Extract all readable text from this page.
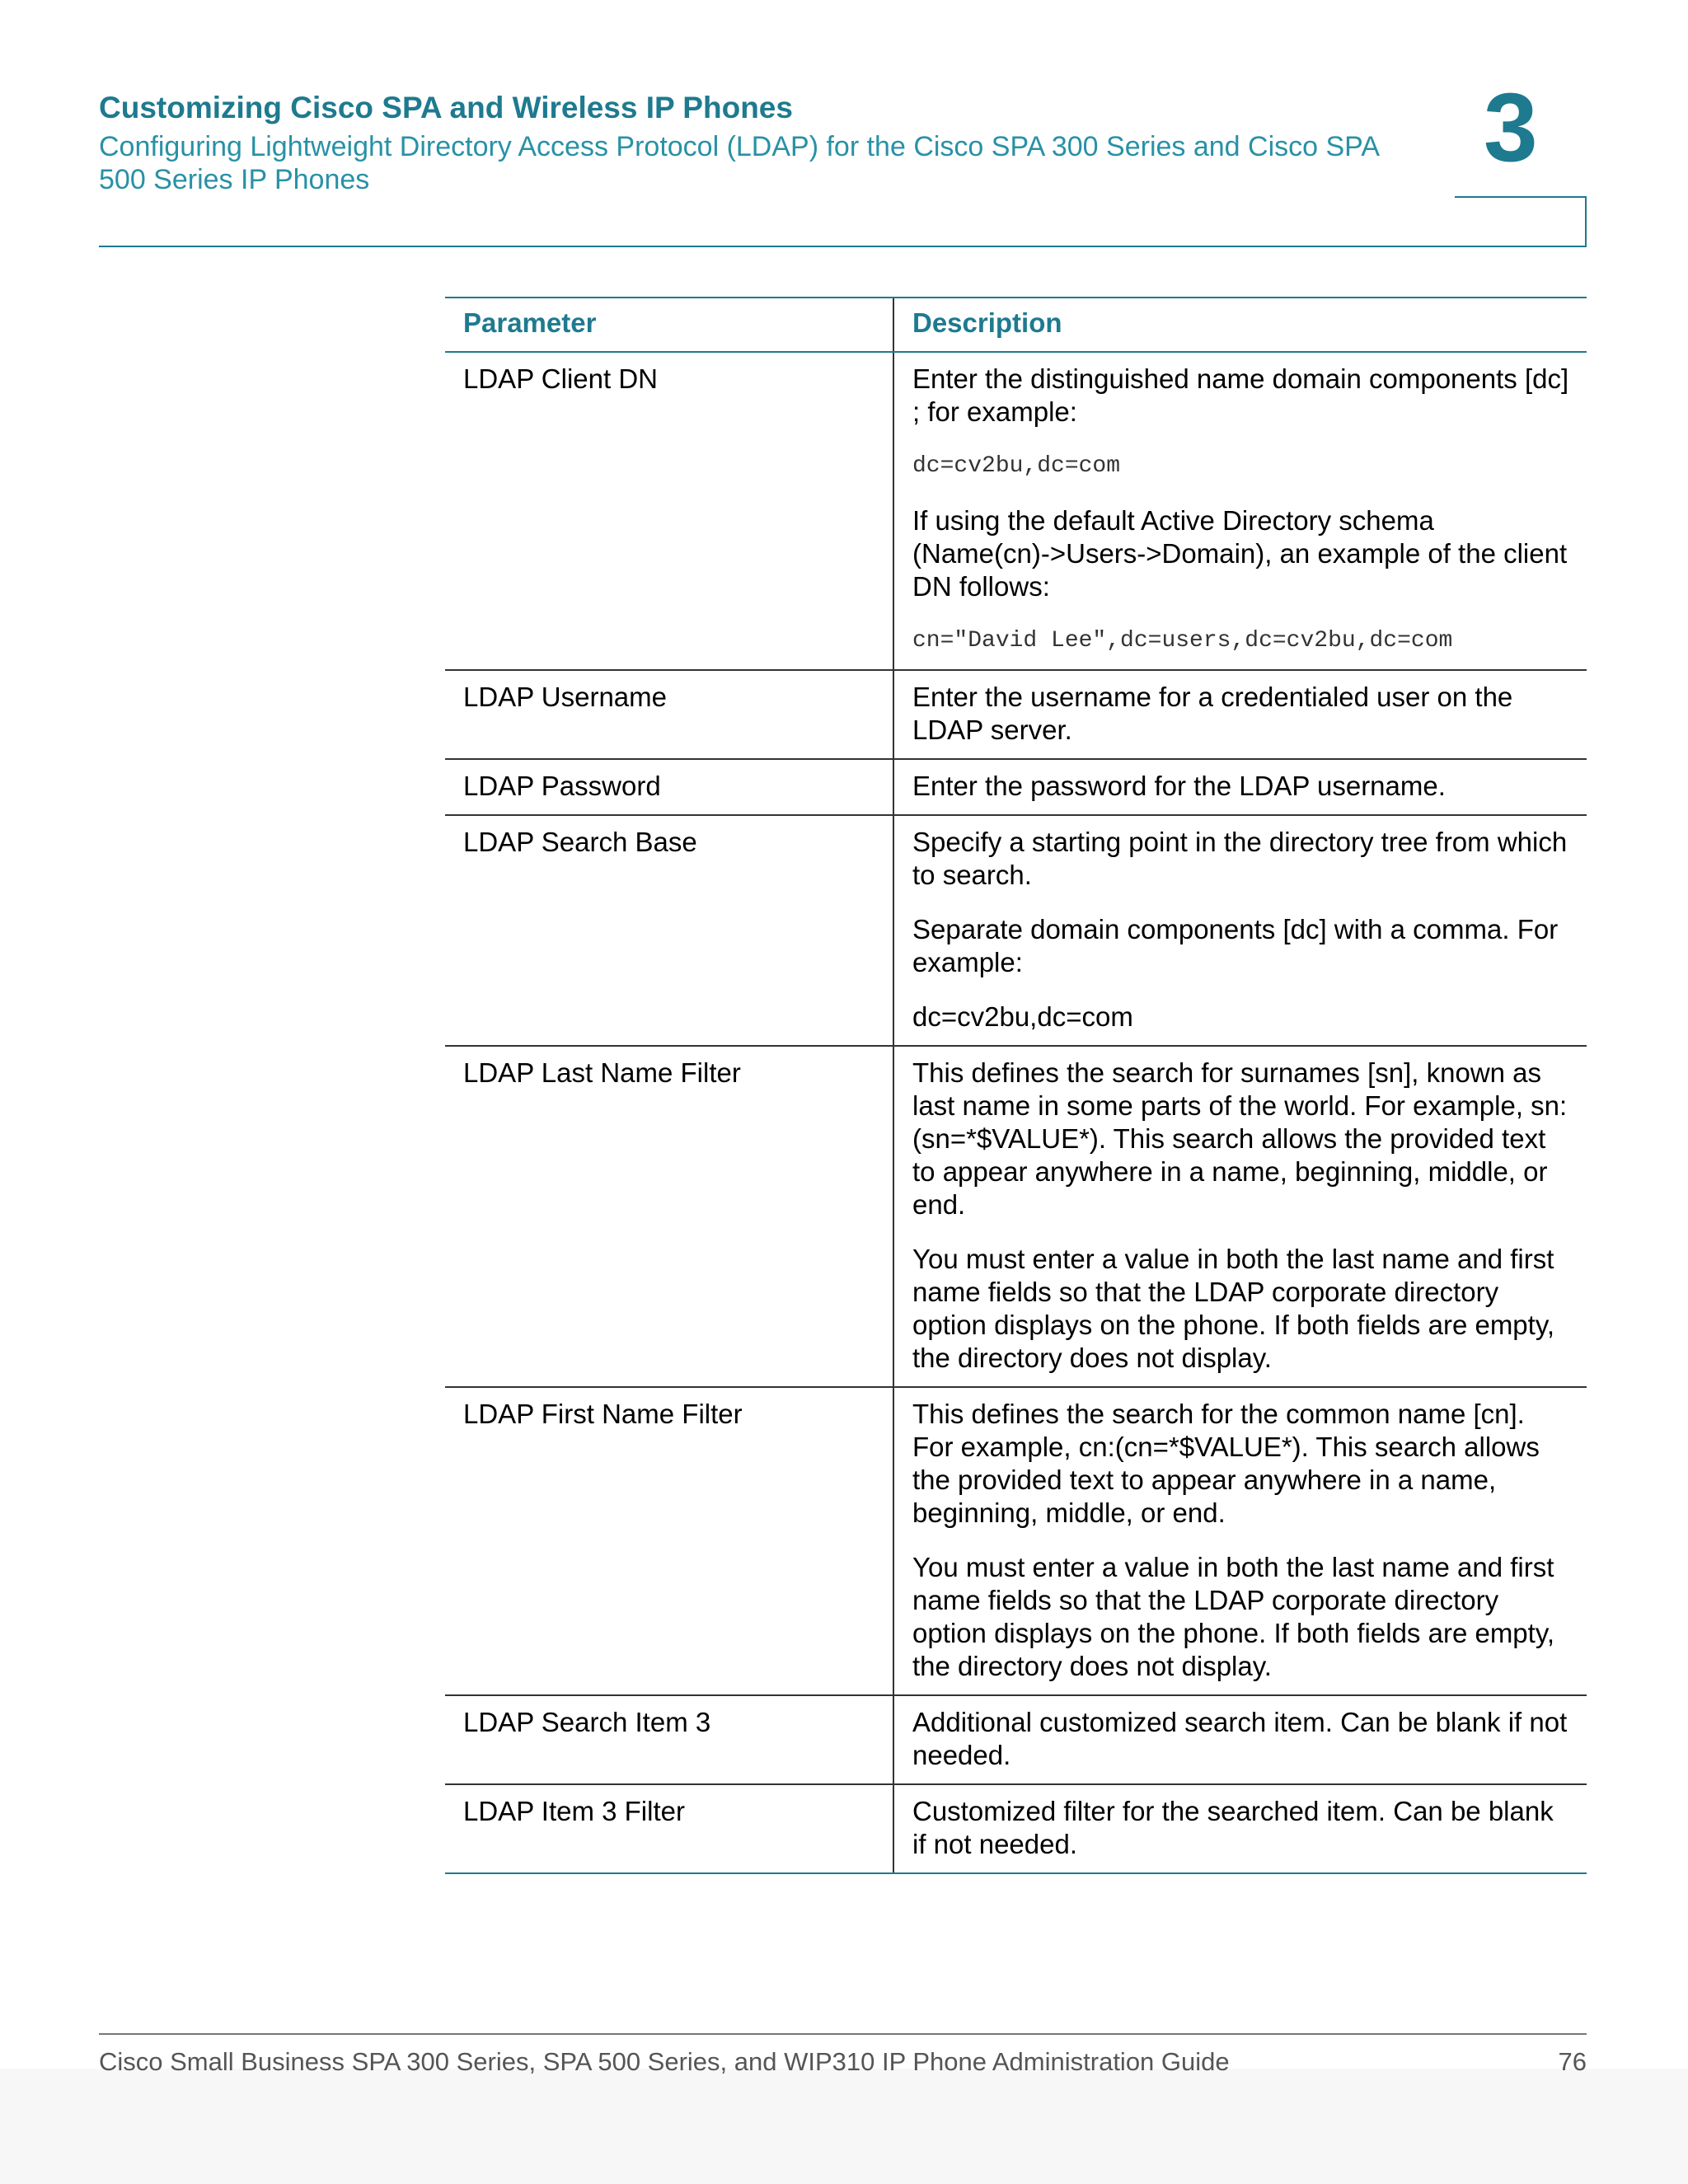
Customizing Cisco SPA and Wireless IP Phones
Configuring Lightweight Directory Access Protocol (LDAP) for the Cisco SPA 300 Series and Cisco SPA 500 Series IP Phones	3
Parameter	Description
LDAP Client DN	Enter the distinguished name domain components [dc] ; for example:
dc=cv2bu,dc=com
If using the default Active Directory schema (Name(cn)->Users->Domain), an example of the client DN follows:
cn="David Lee",dc=users,dc=cv2bu,dc=com

LDAP Username	Enter the username for a credentialed user on the LDAP server.

LDAP Password	Enter the password for the LDAP username.

LDAP Search Base	Specify a starting point in the directory tree from which to search.
Separate domain components [dc] with a comma. For example:
dc=cv2bu,dc=com

LDAP Last Name Filter	This defines the search for surnames [sn], known as last name in some parts of the world. For example, sn:(sn=*$VALUE*). This search allows the provided text to appear anywhere in a name, beginning, middle, or end.
You must enter a value in both the last name and first name fields so that the LDAP corporate directory option displays on the phone. If both fields are empty, the directory does not display.

LDAP First Name Filter	This defines the search for the common name [cn]. For example, cn:(cn=*$VALUE*). This search allows the provided text to appear anywhere in a name, beginning, middle, or end.
You must enter a value in both the last name and first name fields so that the LDAP corporate directory option displays on the phone. If both fields are empty, the directory does not display.

LDAP Search Item 3	Additional customized search item. Can be blank if not needed.

LDAP Item 3 Filter	Customized filter for the searched item. Can be blank if not needed.
Cisco Small Business SPA 300 Series, SPA 500 Series, and WIP310 IP Phone Administration Guide	76
